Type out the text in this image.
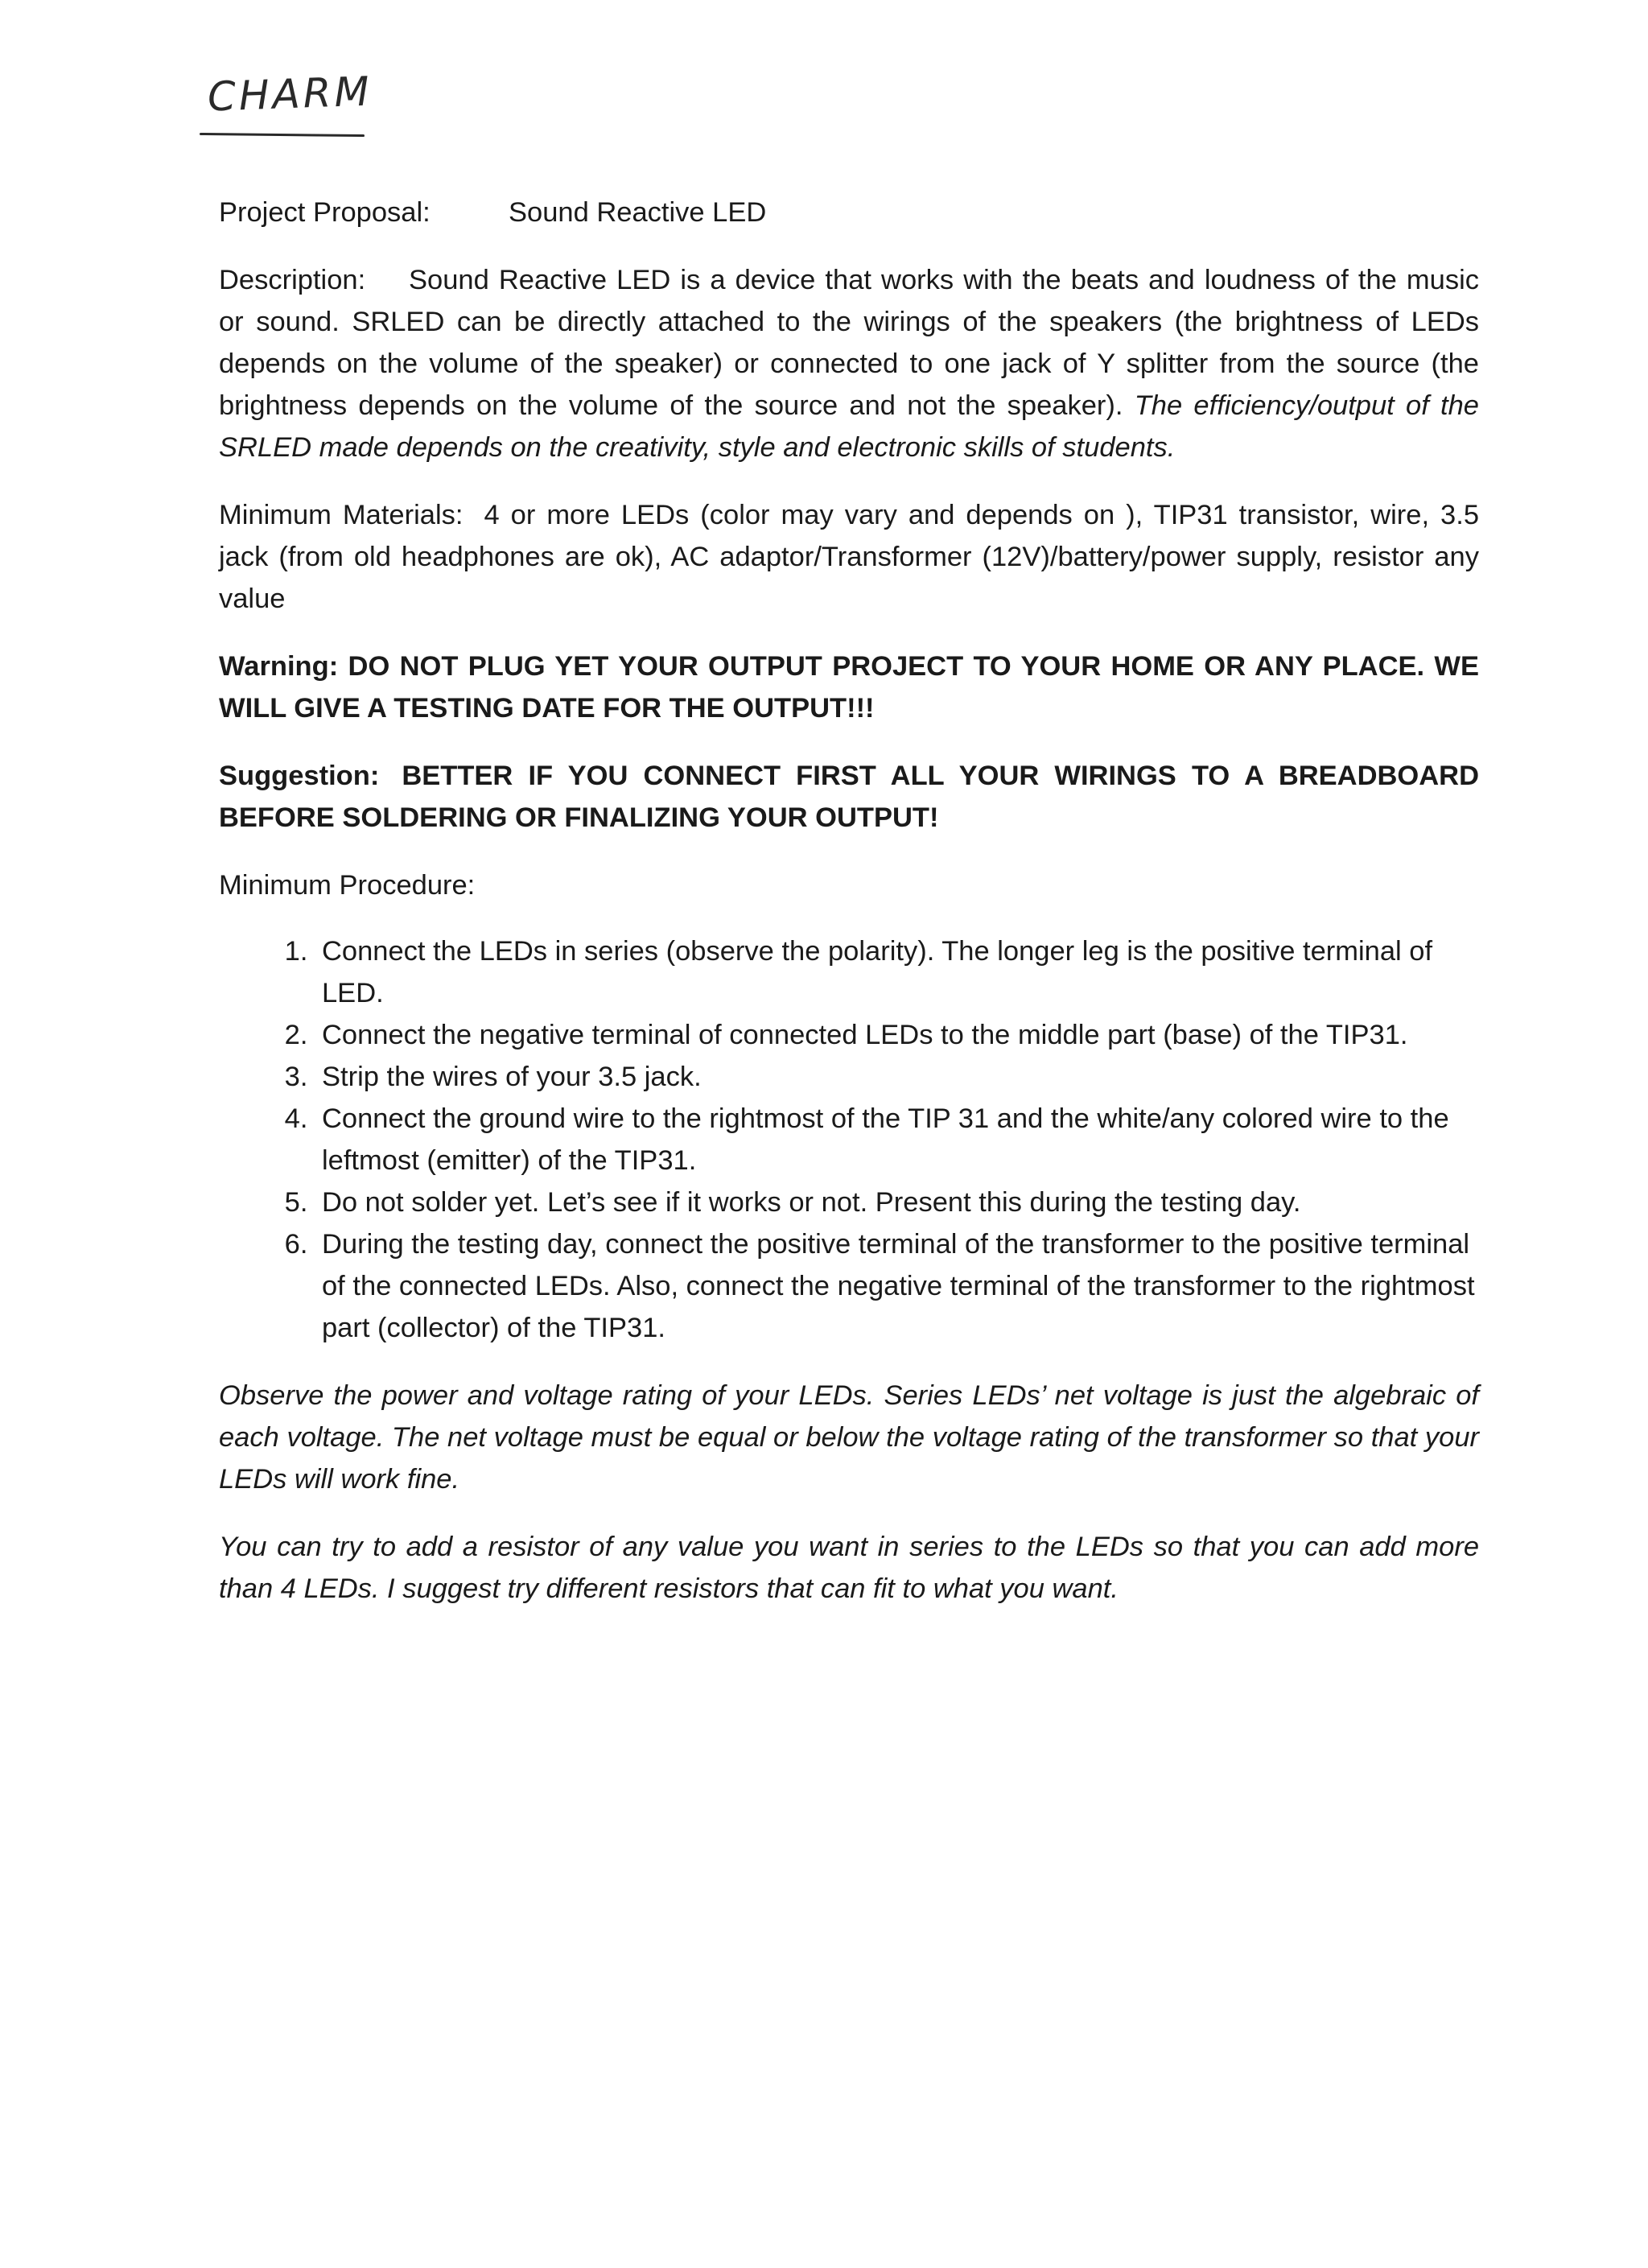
CHARM

Project Proposal:	Sound Reactive LED

Description: Sound Reactive LED is a device that works with the beats and loudness of the music or sound. SRLED can be directly attached to the wirings of the speakers (the brightness of LEDs depends on the volume of the speaker) or connected to one jack of Y splitter from the source (the brightness depends on the volume of the source and not the speaker). The efficiency/output of the SRLED made depends on the creativity, style and electronic skills of students.

Minimum Materials: 4 or more LEDs (color may vary and depends on ), TIP31 transistor, wire, 3.5 jack (from old headphones are ok), AC adaptor/Transformer (12V)/battery/power supply, resistor any value

Warning: DO NOT PLUG YET YOUR OUTPUT PROJECT TO YOUR HOME OR ANY PLACE. WE WILL GIVE A TESTING DATE FOR THE OUTPUT!!!

Suggestion: BETTER IF YOU CONNECT FIRST ALL YOUR WIRINGS TO A BREADBOARD BEFORE SOLDERING OR FINALIZING YOUR OUTPUT!

Minimum Procedure:

1. Connect the LEDs in series (observe the polarity). The longer leg is the positive terminal of LED.
2. Connect the negative terminal of connected LEDs to the middle part (base) of the TIP31.
3. Strip the wires of your 3.5 jack.
4. Connect the ground wire to the rightmost of the TIP 31 and the white/any colored wire to the leftmost (emitter) of the TIP31.
5. Do not solder yet. Let’s see if it works or not. Present this during the testing day.
6. During the testing day, connect the positive terminal of the transformer to the positive terminal of the connected LEDs. Also, connect the negative terminal of the transformer to the rightmost part (collector) of the TIP31.

Observe the power and voltage rating of your LEDs. Series LEDs’ net voltage is just the algebraic of each voltage. The net voltage must be equal or below the voltage rating of the transformer so that your LEDs will work fine.

You can try to add a resistor of any value you want in series to the LEDs so that you can add more than 4 LEDs. I suggest try different resistors that can fit to what you want.
